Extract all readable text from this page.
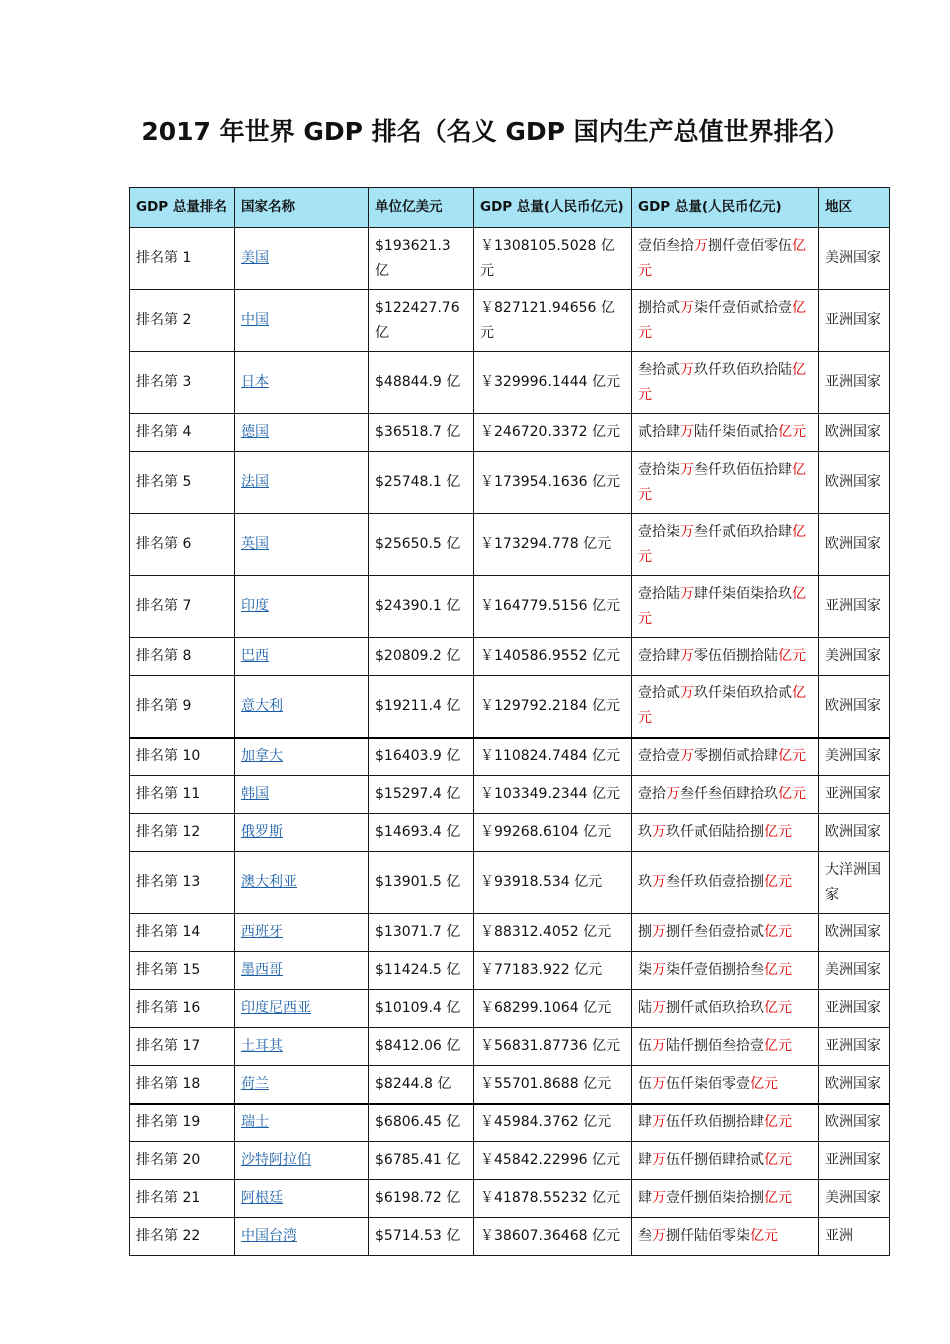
2017 年世界 GDP 排名（名义 GDP 国内生产总值世界排名）
GDP 总量排名	国家名称	单位亿美元	GDP 总量(人民币亿元)	GDP 总量(人民币亿元)	地区
排名第 1	美国	$193621.3 亿	￥1308105.5028 亿元	壹佰叁拾万捌仟壹佰零伍亿元	美洲国家
排名第 2	中国	$122427.76 亿	￥827121.94656 亿元	捌拾贰万柒仟壹佰贰拾壹亿元	亚洲国家
排名第 3	日本	$48844.9 亿	￥329996.1444 亿元	叁拾贰万玖仟玖佰玖拾陆亿元	亚洲国家
排名第 4	德国	$36518.7 亿	￥246720.3372 亿元	贰拾肆万陆仟柒佰贰拾亿元	欧洲国家
排名第 5	法国	$25748.1 亿	￥173954.1636 亿元	壹拾柒万叁仟玖佰伍拾肆亿元	欧洲国家
排名第 6	英国	$25650.5 亿	￥173294.778 亿元	壹拾柒万叁仟贰佰玖拾肆亿元	欧洲国家
排名第 7	印度	$24390.1 亿	￥164779.5156 亿元	壹拾陆万肆仟柒佰柒拾玖亿元	亚洲国家
排名第 8	巴西	$20809.2 亿	￥140586.9552 亿元	壹拾肆万零伍佰捌拾陆亿元	美洲国家
排名第 9	意大利	$19211.4 亿	￥129792.2184 亿元	壹拾贰万玖仟柒佰玖拾贰亿元	欧洲国家
排名第 10	加拿大	$16403.9 亿	￥110824.7484 亿元	壹拾壹万零捌佰贰拾肆亿元	美洲国家
排名第 11	韩国	$15297.4 亿	￥103349.2344 亿元	壹拾万叁仟叁佰肆拾玖亿元	亚洲国家
排名第 12	俄罗斯	$14693.4 亿	￥99268.6104 亿元	玖万玖仟贰佰陆拾捌亿元	欧洲国家
排名第 13	澳大利亚	$13901.5 亿	￥93918.534 亿元	玖万叁仟玖佰壹拾捌亿元	大洋洲国家
排名第 14	西班牙	$13071.7 亿	￥88312.4052 亿元	捌万捌仟叁佰壹拾贰亿元	欧洲国家
排名第 15	墨西哥	$11424.5 亿	￥77183.922 亿元	柒万柒仟壹佰捌拾叁亿元	美洲国家
排名第 16	印度尼西亚	$10109.4 亿	￥68299.1064 亿元	陆万捌仟贰佰玖拾玖亿元	亚洲国家
排名第 17	土耳其	$8412.06 亿	￥56831.87736 亿元	伍万陆仟捌佰叁拾壹亿元	亚洲国家
排名第 18	荷兰	$8244.8 亿	￥55701.8688 亿元	伍万伍仟柒佰零壹亿元	欧洲国家
排名第 19	瑞士	$6806.45 亿	￥45984.3762 亿元	肆万伍仟玖佰捌拾肆亿元	欧洲国家
排名第 20	沙特阿拉伯	$6785.41 亿	￥45842.22996 亿元	肆万伍仟捌佰肆拾贰亿元	亚洲国家
排名第 21	阿根廷	$6198.72 亿	￥41878.55232 亿元	肆万壹仟捌佰柒拾捌亿元	美洲国家
排名第 22	中国台湾	$5714.53 亿	￥38607.36468 亿元	叁万捌仟陆佰零柒亿元	亚洲
